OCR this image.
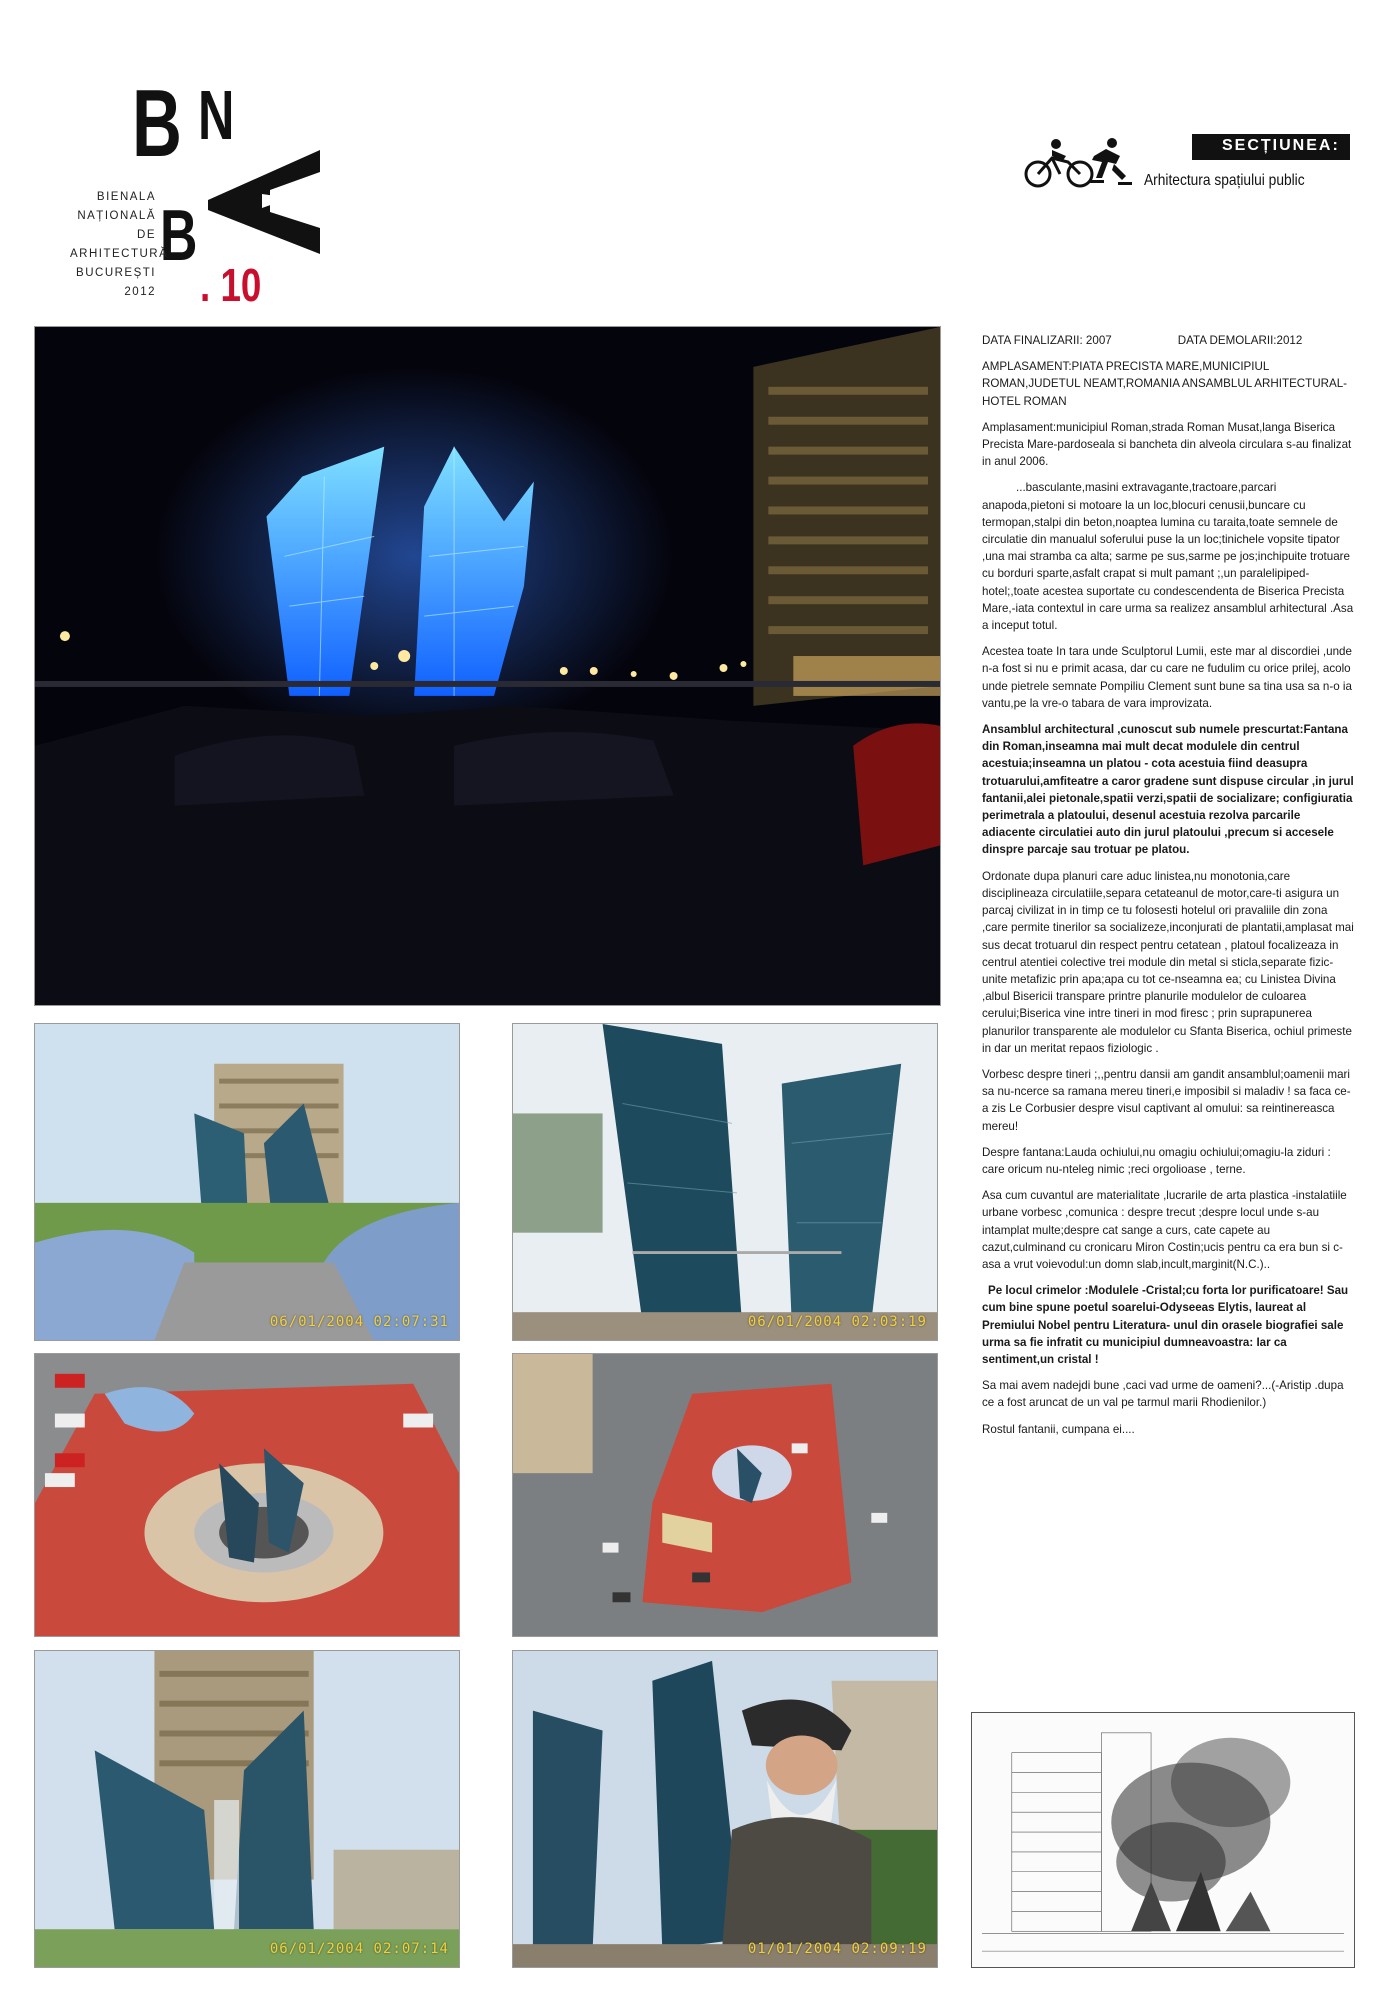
B N
B
BIENALA
NAȚIONALĂ
DE
ARHITECTURĂ
BUCUREȘTI
2012 . 10
SECȚIUNEA:
Arhitectura spațiului public
06/01/2004 02:07:31	06/01/2004 02:03:19
06/01/2004 02:07:14	01/01/2004 02:09:19
DATA FINALIZARII: 2007	DATA DEMOLARII:2012

AMPLASAMENT:PIATA PRECISTA MARE,MUNICIPIUL ROMAN,JUDETUL NEAMT,ROMANIA ANSAMBLUL ARHITECTURAL- HOTEL ROMAN

Amplasament:municipiul Roman,strada Roman Musat,langa Biserica Precista Mare-pardoseala si bancheta din alveola circulara s-au finalizat in anul 2006.

...basculante,masini extravagante,tractoare,parcari anapoda,pietoni si motoare la un loc,blocuri cenusii,buncare cu termopan,stalpi din beton,noaptea lumina cu taraita,toate semnele de circulatie din manualul soferului puse la un loc;tinichele vopsite tipator ,una mai stramba ca alta; sarme pe sus,sarme pe jos;inchipuite trotuare cu borduri sparte,asfalt crapat si mult pamant ;,un paralelipiped-hotel;,toate acestea suportate cu condescendenta de Biserica Precista Mare,-iata contextul in care urma sa realizez ansamblul arhitectural .Asa a inceput totul.

Acestea toate In tara unde Sculptorul Lumii, este mar al discordiei ,unde n-a fost si nu e primit acasa, dar cu care ne fudulim cu orice prilej, acolo unde pietrele semnate Pompiliu Clement sunt bune sa tina usa sa n-o ia vantu,pe la vre-o tabara de vara improvizata.

Ansamblul architectural ,cunoscut sub numele prescurtat:Fantana din Roman,inseamna mai mult decat modulele din centrul acestuia;inseamna un platou - cota acestuia fiind deasupra trotuarului,amfiteatre a caror gradene sunt dispuse circular ,in jurul fantanii,alei pietonale,spatii verzi,spatii de socializare; configiuratia perimetrala a platoului, desenul acestuia rezolva parcarile adiacente circulatiei auto din jurul platoului ,precum si accesele dinspre parcaje sau trotuar pe platou.

Ordonate dupa planuri care aduc linistea,nu monotonia,care disciplineaza circulatiile,separa cetateanul de motor,care-ti asigura un parcaj civilizat in in timp ce tu folosesti hotelul ori pravaliile din zona ,care permite tinerilor sa socializeze,inconjurati de plantatii,amplasat mai sus decat trotuarul din respect pentru cetatean , platoul focalizeaza in centrul atentiei colective trei module din metal si sticla,separate fizic-unite metafizic prin apa;apa cu tot ce-nseamna ea; cu Linistea Divina ,albul Bisericii transpare printre planurile modulelor de culoarea cerului;Biserica vine intre tineri in mod firesc ; prin suprapunerea planurilor transparente ale modulelor cu Sfanta Biserica, ochiul primeste in dar un meritat repaos fiziologic .

Vorbesc despre tineri ;,,pentru dansii am gandit ansamblul;oamenii mari sa nu-ncerce sa ramana mereu tineri,e imposibil si maladiv ! sa faca ce-a zis Le Corbusier despre visul captivant al omului: sa reintinereasca mereu!

Despre fantana:Lauda ochiului,nu omagiu ochiului;omagiu-la ziduri : care oricum nu-nteleg nimic ;reci orgolioase , terne.

Asa cum cuvantul are materialitate ,lucrarile de arta plastica -instalatiile urbane vorbesc ,comunica : despre trecut ;despre locul unde s-au intamplat multe;despre cat sange a curs, cate capete au cazut,culminand cu cronicaru Miron Costin;ucis pentru ca era bun si c-asa a vrut voievodul:un domn slab,incult,marginit(N.C.)..

Pe locul crimelor :Modulele -Cristal;cu forta lor purificatoare! Sau cum bine spune poetul soarelui-Odyseeas Elytis, laureat al Premiului Nobel pentru Literatura- unul din orasele biografiei sale urma sa fie infratit cu municipiul dumneavoastra: Iar ca sentiment,un cristal !

Sa mai avem nadejdi bune ,caci vad urme de oameni?...(-Aristip .dupa ce a fost aruncat de un val pe tarmul marii Rhodienilor.)

Rostul fantanii, cumpana ei....
